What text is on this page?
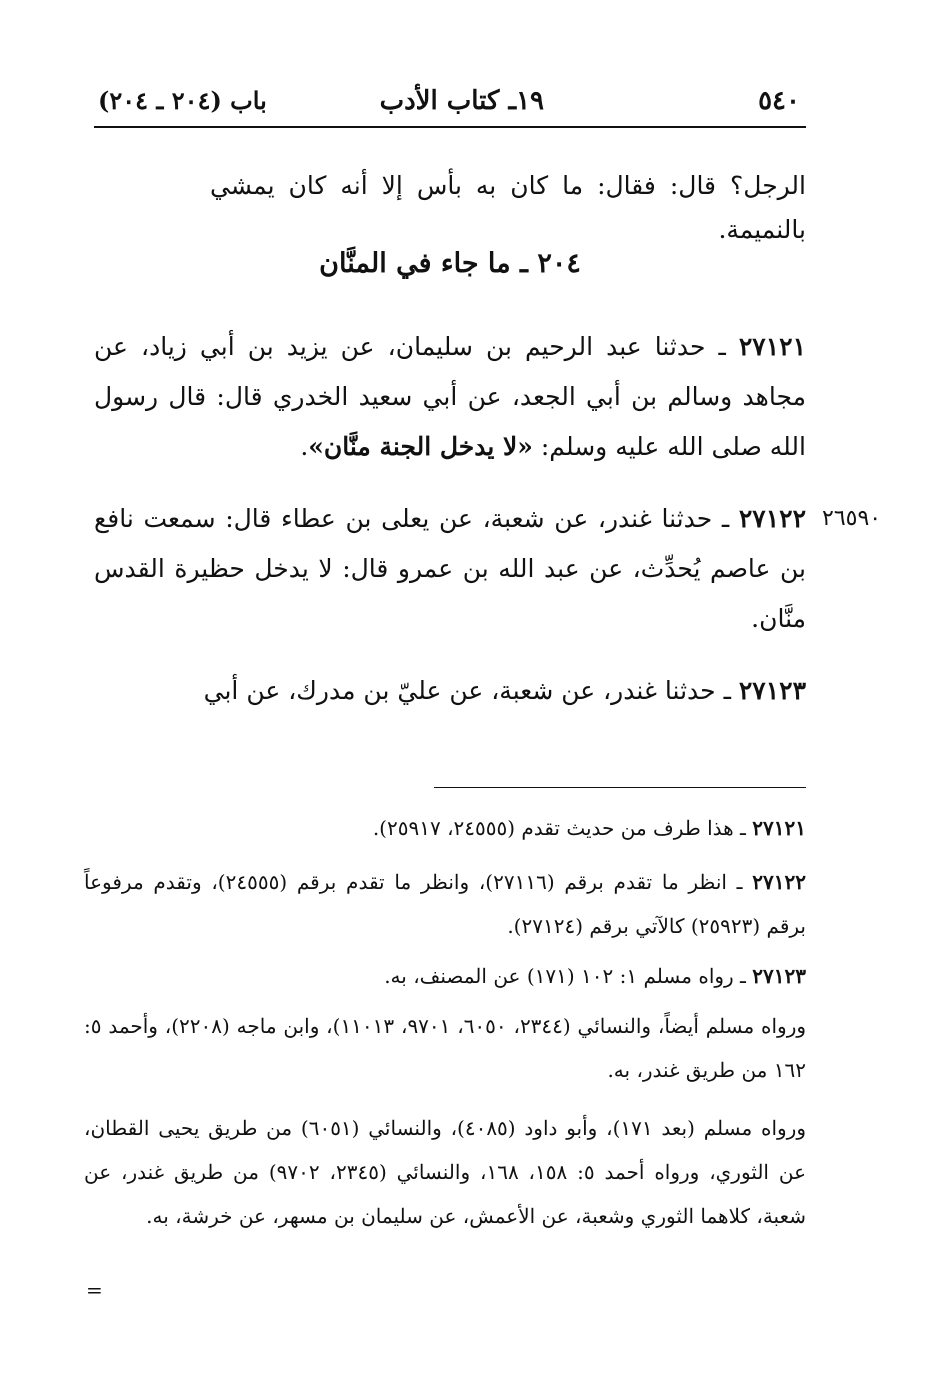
٥٤٠
١٩ـ كتاب الأدب
باب (٢٠٤ ـ ٢٠٤)
الرجل؟ قال: فقال: ما كان به بأس إلا أنه كان يمشي بالنميمة.
٢٠٤ ـ ما جاء في المنَّان
٢٧١٢١ ـ حدثنا عبد الرحيم بن سليمان، عن يزيد بن أبي زياد، عن مجاهد وسالم بن أبي الجعد، عن أبي سعيد الخدري قال: قال رسول الله صلى الله عليه وسلم: «لا يدخل الجنة منَّان».
٢٦٥٩٠
٢٧١٢٢ ـ حدثنا غندر، عن شعبة، عن يعلى بن عطاء قال: سمعت نافع بن عاصم يُحدِّث، عن عبد الله بن عمرو قال: لا يدخل حظيرة القدس منَّان.
٢٧١٢٣ ـ حدثنا غندر، عن شعبة، عن عليّ بن مدرك، عن أبي
٢٧١٢١ ـ هذا طرف من حديث تقدم (٢٤٥٥٥، ٢٥٩١٧).
٢٧١٢٢ ـ انظر ما تقدم برقم (٢٧١١٦)، وانظر ما تقدم برقم (٢٤٥٥٥)، وتقدم مرفوعاً برقم (٢٥٩٢٣) كالآتي برقم (٢٧١٢٤).
٢٧١٢٣ ـ رواه مسلم ١: ١٠٢ (١٧١) عن المصنف، به.
ورواه مسلم أيضاً، والنسائي (٢٣٤٤، ٦٠٥٠، ٩٧٠١، ١١٠١٣)، وابن ماجه (٢٢٠٨)، وأحمد ٥: ١٦٢ من طريق غندر، به.
ورواه مسلم (بعد ١٧١)، وأبو داود (٤٠٨٥)، والنسائي (٦٠٥١) من طريق يحيى القطان، عن الثوري، ورواه أحمد ٥: ١٥٨، ١٦٨، والنسائي (٢٣٤٥، ٩٧٠٢) من طريق غندر، عن شعبة، كلاهما الثوري وشعبة، عن الأعمش، عن سليمان بن مسهر، عن خرشة، به.
=
